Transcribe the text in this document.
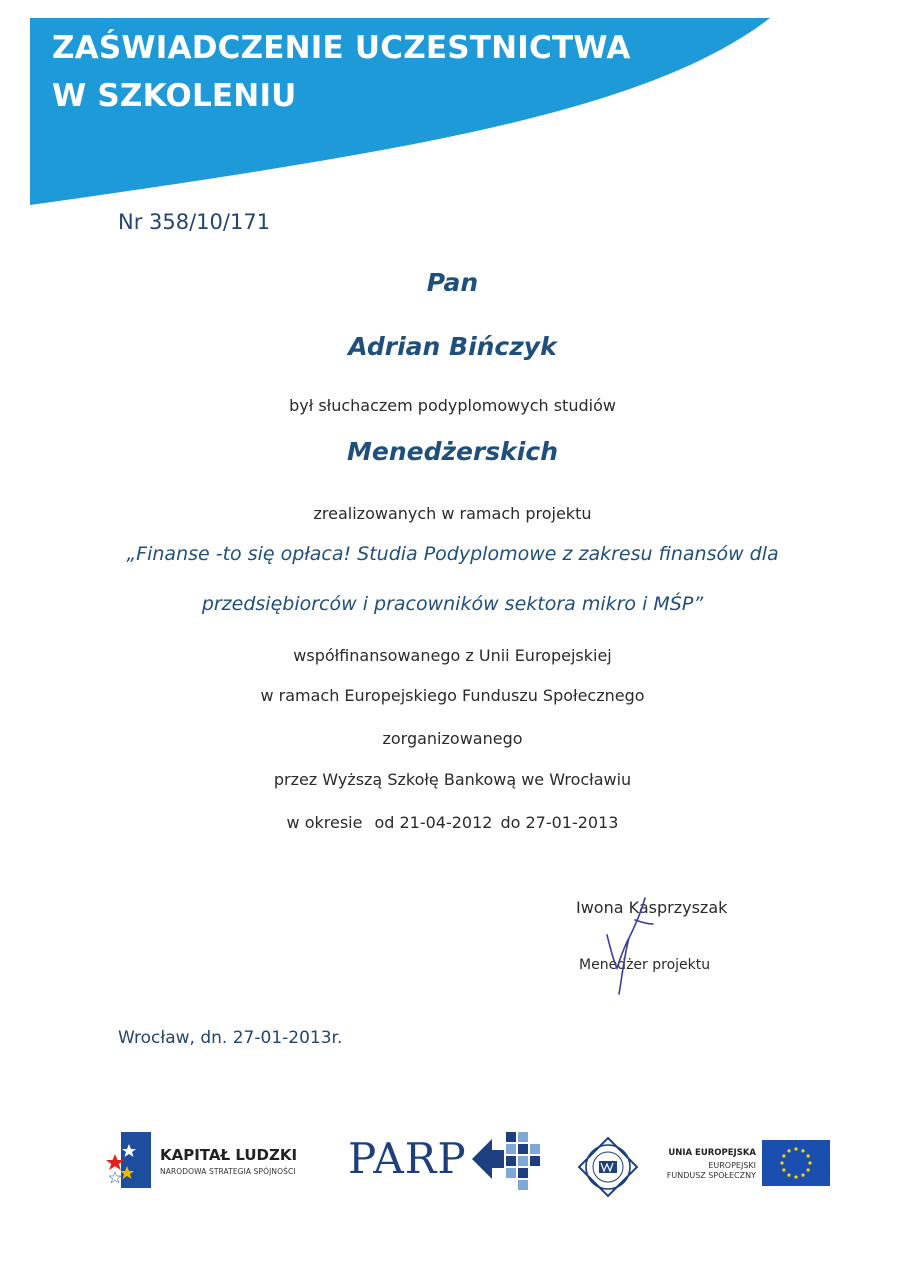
ZAŚWIADCZENIE UCZESTNICTWA
W SZKOLENIU
Nr 358/10/171
Pan
Adrian Bińczyk
był słuchaczem podyplomowych studiów
Menedżerskich
zrealizowanych w ramach projektu
„Finanse -to się opłaca! Studia Podyplomowe z zakresu finansów dla
przedsiębiorców i pracowników sektora mikro i MŚP”
współfinansowanego z Unii Europejskiej
w ramach Europejskiego Funduszu Społecznego
zorganizowanego
przez Wyższą Szkołę Bankową we Wrocławiu
w okresie od 21-04-2012 do 27-01-2013
Iwona Kasprzyszak
Menedżer projektu
Wrocław, dn. 27-01-2013r.
KAPITAŁ LUDZKI
NARODOWA STRATEGIA SPÓJNOŚCI PARP	UNIA EUROPEJSKA
EUROPEJSKI
FUNDUSZ SPOŁECZNY
